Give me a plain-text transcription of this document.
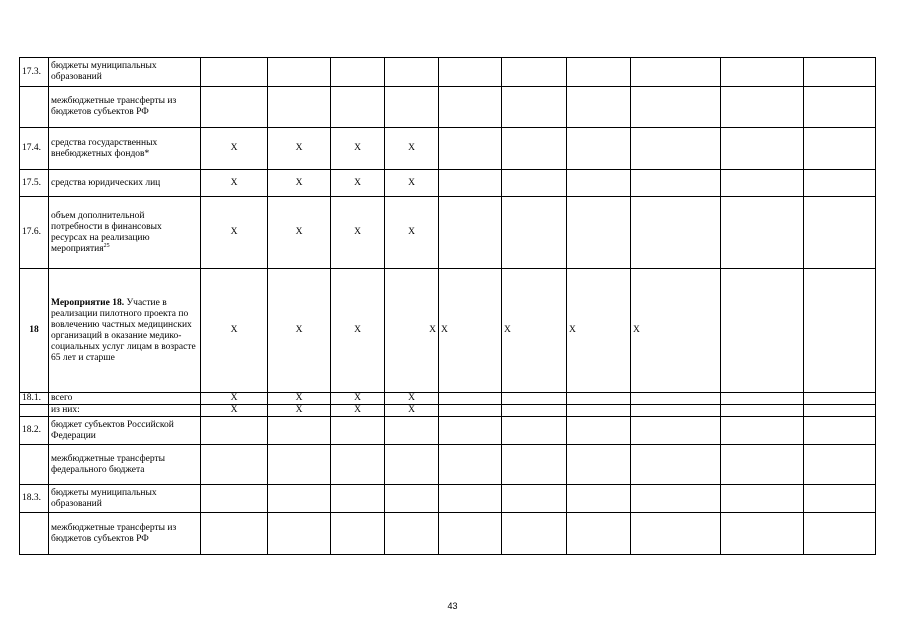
17.3.	бюджеты муниципальных образований										
	межбюджетные трансферты из бюджетов субъектов РФ										
17.4.	средства государственных внебюджетных фондов*	Х	Х	Х	Х						
17.5.	средства юридических лиц	Х	Х	Х	Х						
17.6.	объем дополнительной потребности в финансовых ресурсах на реализацию мероприятия$^{25}$	Х	Х	Х	Х						
18	Мероприятие 18. Участие в реализации пилотного проекта по вовлечению частных медицинских организаций в оказание медико-социальных услуг лицам в возрасте 65 лет и старше	Х	Х	Х	Х	Х	Х	Х	Х		
18.1.	всего	Х	Х	Х	Х						
	из них:	Х	Х	Х	Х						
18.2.	бюджет субъектов Российской Федерации										
	межбюджетные трансферты федерального бюджета										
18.3.	бюджеты муниципальных образований										
	межбюджетные трансферты из бюджетов субъектов РФ										
43
